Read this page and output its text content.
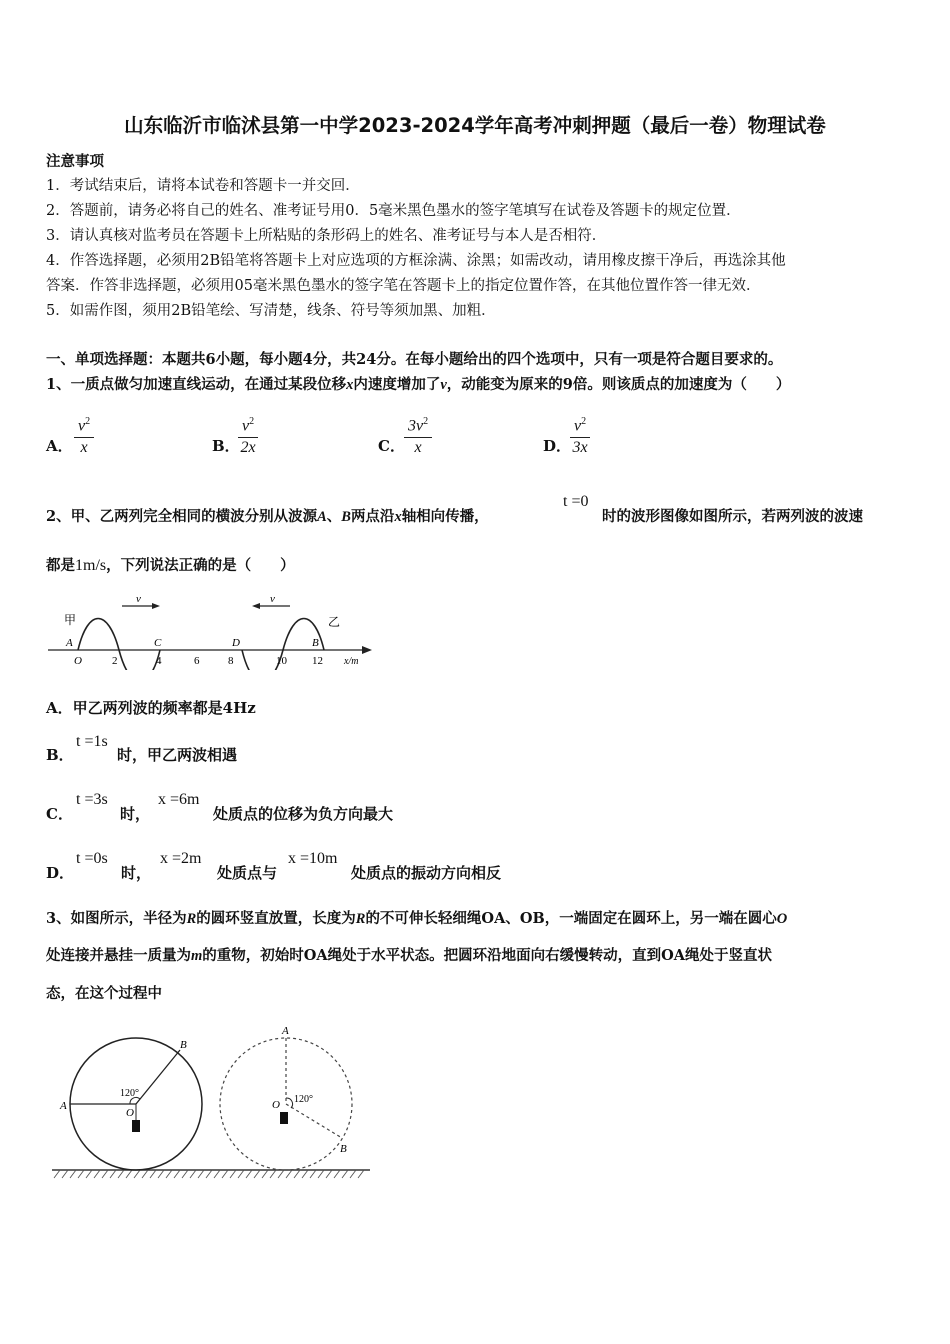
山东临沂市临沭县第一中学2023-2024学年高考冲刺押题（最后一卷）物理试卷
注意事项
1．考试结束后，请将本试卷和答题卡一并交回．
2．答题前，请务必将自己的姓名、准考证号用0．5毫米黑色墨水的签字笔填写在试卷及答题卡的规定位置．
3．请认真核对监考员在答题卡上所粘贴的条形码上的姓名、准考证号与本人是否相符．
4．作答选择题，必须用2B铅笔将答题卡上对应选项的方框涂满、涂黑；如需改动，请用橡皮擦干净后，再选涂其他
答案．作答非选择题，必须用05毫米黑色墨水的签字笔在答题卡上的指定位置作答，在其他位置作答一律无效．
5．如需作图，须用2B铅笔绘、写清楚，线条、符号等须加黑、加粗．
一、单项选择题：本题共6小题，每小题4分，共24分。在每小题给出的四个选项中，只有一项是符合题目要求的。
1、一质点做匀加速直线运动，在通过某段位移x内速度增加了v，动能变为原来的9倍。则该质点的加速度为（　　）
A． $\frac{v^2}{x}$	B．
$\frac{v^2}{2x}$	C． $\frac{3v^2}{x}$	D．
$\frac{v^2}{3x}$
2、甲、乙两列完全相同的横波分别从波源A、B两点沿x轴相向传播，
t =0
时的波形图像如图所示，若两列波的波速
都是1m/s，下列说法正确的是（　　）
v	v
甲	乙
A	C	D	B
O	2	4	6	8	10 12 x/m
A．甲乙两列波的频率都是4Hz
B．
t =1s
时，甲乙两波相遇
C．
t =3s
时，
x =6m
处质点的位移为负方向最大
D．
t =0s
时，
x =2m
处质点与
x =10m
处质点的振动方向相反
3、如图所示，半径为R的圆环竖直放置，长度为R的不可伸长轻细绳OA、OB，一端固定在圆环上，另一端在圆心O
处连接并悬挂一质量为m的重物，初始时OA绳处于水平状态。把圆环沿地面向右缓慢转动，直到OA绳处于竖直状
态，在这个过程中
A
B
O
120°
A
B
O 120°
